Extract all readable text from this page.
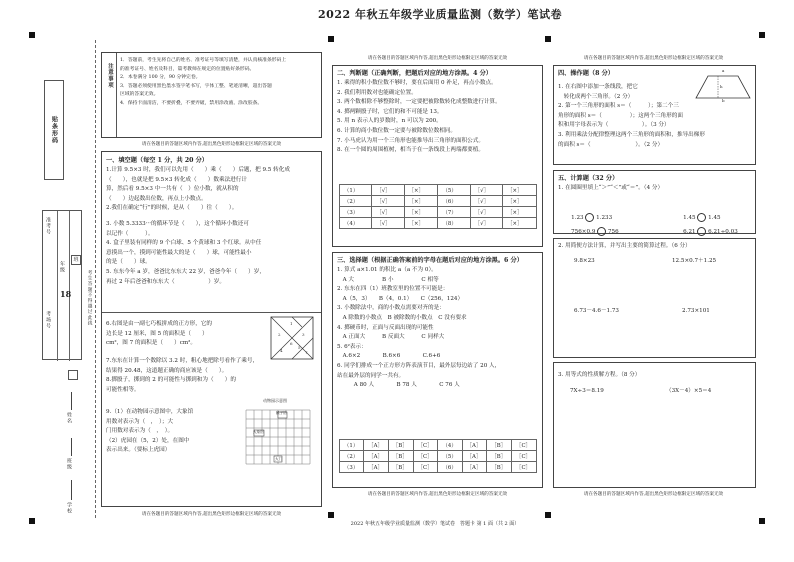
2022 年秋五年级学业质量监测（数学）笔试卷
贴条形码
准考号
年级
18
考场号
班
考生答题不得越过此线
姓名
班级
学校
注意事项
1．答题前，考生先将自己的姓名、准考证号等填写清楚，并认真核准条形码上
的准考证号、姓名及科目，篇考教师在规定的位置贴好条形码。
2．本卷满分 100 分，90 分钟完卷。
3．答题必须使用黑色墨水签字笔书写，字体工整、笔迹清晰，超出答题
区域的答案无效。
4．保持卡面清洁，不要折叠，不要弄破，禁用涂改液、涂改胶条。
请在各题目的答题区域内作答,超出黑色矩形边框限定区域的答案无效
一、填空题（每空 1 分，共 20 分）
1.计算 9.5×3 时，我们可以先用（　　）乘（　　）后题，把 9.5 转化成
（　　），也就是把 9.5×3 转化成（　　）数乘法进行计
算，然后看 9.5×3 中一共有（　）位小数，就从积的
（　　）边起数出位数，再点上小数点。
2.我们在确定“行”的时候，是从（　　）往（　　）。
3. 小数 5.3333···的循环节是（　　），这个循环小数还可
以记作（　　　）。
4. 盒子里装有同样的 9 个白球、5 个黄球和 3 个红球。从中任
意摸出一个，摸到可能性最大的是（　　）球，可能性最小
的是（　　）球。
5. 东东今年 a 岁，爸爸比东东大 22 岁，爸爸今年（　　）岁，
再过 2 年后爸爸和东东大（　　　　　　）岁。
6.右图是由一副七巧板拼成的正方形，它的
边长是 12 厘米，图 5 的面积是（　　）
cm²，图 7 的面积是（　　）cm²。
2
1
3
5
4	7
6
7.东东在计算一个数除以 3.2 时，粗心地把除号看作了乘号，
结果得 20.48，这道题正确的商应该是（　　）。
8.掷骰子，掷到的 2 的可能性与掷到和为（　　）的
可能性相等。
9.（1）在动物园示意图中，大象馆
用数对表示为（　，　）；大
门用数对表示为（　，　）。
（2）虎园在（5，2）处，在图中
表示出来。（要标上虎园）
动物园示意图
猴子馆
大象馆
大门
请在各题目的答题区域内作答,超出黑色矩形边框限定区域的答案无效
请在各题目的答题区域内作答,超出黑色矩形边框限定区域的答案无效
二、判断题（正确判断，把题后对应的地方涂黑。4 分）
1. 乘得的积小数位数不够时，要在后面用 0 补足，再点小数点。
2. 我们利用数对也能确定位置。
3. 两个数相除不够整除时，一定要把被除数转化成整数进行计算。
4. 掷两颗骰子时，它们的和不可能是 13。
5. 用 n 表示人的岁数时，n 可以为 200。
6. 计算的商小数位数一定要与被除数位数相同。
7. 小马虎认为用一个三角形也能推导出三角形的面积公式。
8. 在一个圆的周围植树，相当于在一条线段上两端都要植。
（1）	［√］	［×］	（5）	［√］	［×］
（2）	［√］	［×］	（6）	［√］	［×］
（3）	［√］	［×］	（7）	［√］	［×］
（4）	［√］	［×］	（8）	［√］	［×］
三、选择题（根据正确答案前的字母在题后对应的地方涂黑。6 分）
1. 算式 a×1.01 的积比 a（a 不为 0）。
　A 大　　　　　B 小　　　　　C 相等
2. 东东在四（1）班教室里的位置不可能是：
　A（5，3）　　B（4，0.1）　　C（256，124）
3. 小数除法中，商的小数点需要对齐的是：
　A 除数的小数点　B 被除数的小数点　C 没有要求
4. 掷硬币时，正面与反面出现的可能性
　A 正面大　　　B 反面大　　　C 同样大
5. 6²表示：
　A.6×2　　　　B.6×6　　　　C.6+6
6. 同学们排成一个正方形方阵表演节目，最外层每边站了 20 人，
站在最外层的同学一共有。
　　　A 80 人　　　　B 78 人　　　　C 76 人
（1）	［A］	［B］	［C］	（4）	［A］	［B］	［C］
（2）	［A］	［B］	［C］	（5）	［A］	［B］	［C］
（3）	［A］	［B］	［C］	（6）	［A］	［B］	［C］
请在各题目的答题区域内作答,超出黑色矩形边框限定区域的答案无效
2022 年秋五年级学业质量监测（数学）笔试卷　答题卡 第 1 面（共 2 面）
请在各题目的答题区域内作答,超出黑色矩形边框限定区域的答案无效
四、操作题（8 分）
1. 在右图中添加一条线段，把它
　转化成两个三角形。（2 分）
2. 第一个三角形的面积 s＝（　　　）；第二个三
角形的面积 s＝（　　　　　）；这两个三角形的面
积和用字母表示为（　　　　　　）。（3 分）
3. 利用乘法分配律整理这两个三角形的面积和，推导出梯形
的面积 s＝（　　　　　　　　）。（2 分）
a
b
h
五、计算题（32 分）
1. 在圆圈里填上“＞”“＜”或“＝”。（4 分）

1.23 1.233
	1.45 1.45

756×0.9 756
	6.21 6.21÷0.03

2. 用简便方法计算，并写出主要的简算过程。（6 分）
9.8×23	12.5×0.7＋1.25
6.73－4.6－1.73	2.73×101
3. 用等式的性质解方程。（8 分）
7X÷3＝8.19	（3X－4）×5＝4
请在各题目的答题区域内作答,超出黑色矩形边框限定区域的答案无效
